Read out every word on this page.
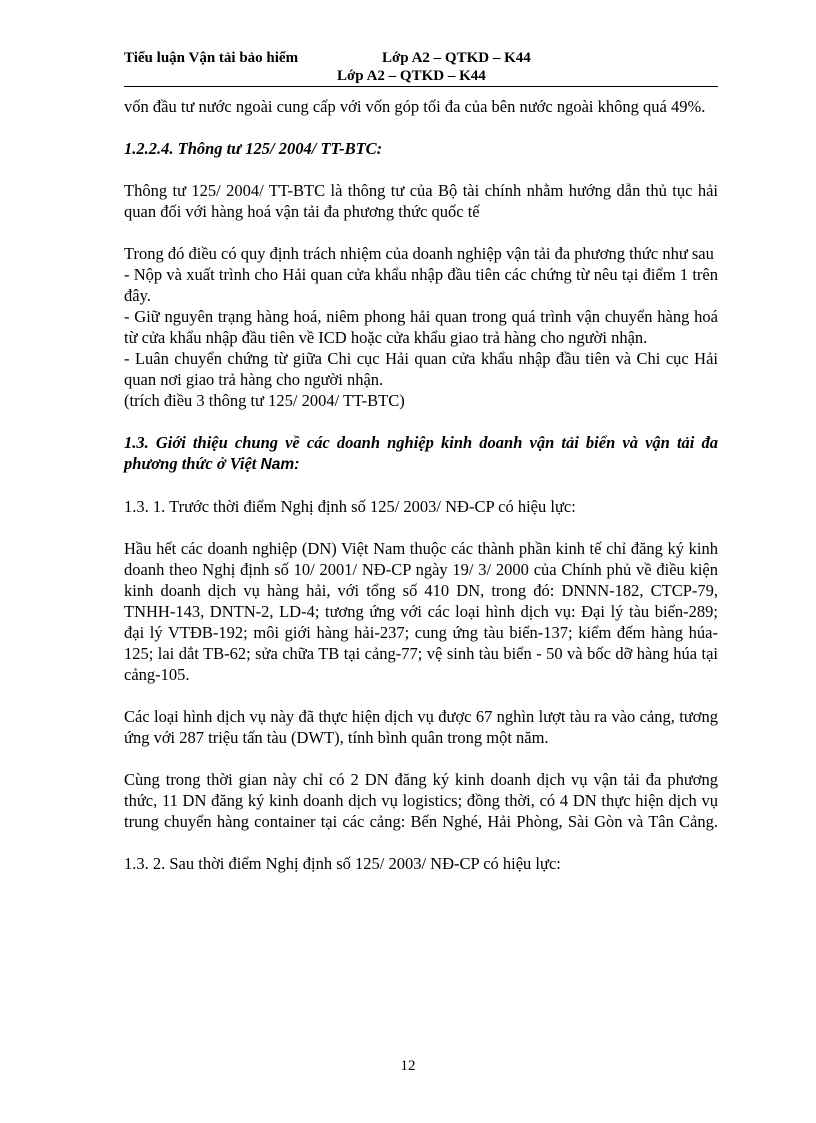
Tiểu luận Vận tải bảo hiểm	Lớp A2 – QTKD – K44
Lớp A2 – QTKD – K44

vốn đầu tư nước ngoài cung cấp với vốn góp tối đa của bên nước ngoài không quá 49%.

1.2.2.4. Thông tư 125/ 2004/ TT-BTC:

Thông tư 125/ 2004/ TT-BTC là thông tư của Bộ tài chính nhằm hướng dẫn thủ tục hải quan đối với hàng hoá vận tải đa phương thức quốc tế

Trong đó điều có quy định trách nhiệm của doanh nghiệp vận tải đa phương thức như sau

- Nộp và xuất trình cho Hải quan cửa khẩu nhập đầu tiên các chứng từ nêu tại điểm 1 trên đây.

- Giữ nguyên trạng hàng hoá, niêm phong hải quan trong quá trình vận chuyển hàng hoá từ cửa khẩu nhập đầu tiên về ICD hoặc cửa khẩu giao trả hàng cho người nhận.

- Luân chuyển chứng từ giữa Chi cục Hải quan cửa khẩu nhập đầu tiên và Chi cục Hải quan nơi giao trả hàng cho người nhận.

(trích điều 3 thông tư 125/ 2004/ TT-BTC)

1.3. Giới thiệu chung về các doanh nghiệp kinh doanh vận tải biển và vận tải đa phương thức ở Việt Nam:

1.3. 1. Trước thời điểm Nghị định số 125/ 2003/ NĐ-CP có hiệu lực:

Hầu hết các doanh nghiệp (DN) Việt Nam thuộc các thành phần kinh tế chỉ đăng ký kinh doanh theo Nghị định số 10/ 2001/ NĐ-CP ngày 19/ 3/ 2000 của Chính phủ về điều kiện kinh doanh dịch vụ hàng hải, với tổng số 410 DN, trong đó: DNNN-182, CTCP-79, TNHH-143, DNTN-2, LD-4; tương ứng với các loại hình dịch vụ: Đại lý tàu biển-289; đại lý VTĐB-192; môi giới hàng hải-237; cung ứng tàu biển-137; kiểm đếm hàng húa-125; lai dắt TB-62; sửa chữa TB tại cảng-77; vệ sinh tàu biển - 50 và bốc dỡ hàng húa tại cảng-105.

Các loại hình dịch vụ này đã thực hiện dịch vụ được 67 nghìn lượt tàu ra vào cảng, tương ứng với 287 triệu tấn tàu (DWT), tính bình quân trong một năm.

Cùng trong thời gian này chỉ có 2 DN đăng ký kinh doanh dịch vụ vận tải đa phương thức, 11 DN đăng ký kinh doanh dịch vụ logistics; đồng thời, có 4 DN thực hiện dịch vụ trung chuyển hàng container tại các cảng: Bến Nghé, Hải Phòng, Sài Gòn và Tân Cảng.

1.3. 2. Sau thời điểm Nghị định số 125/ 2003/ NĐ-CP có hiệu lực:

12
